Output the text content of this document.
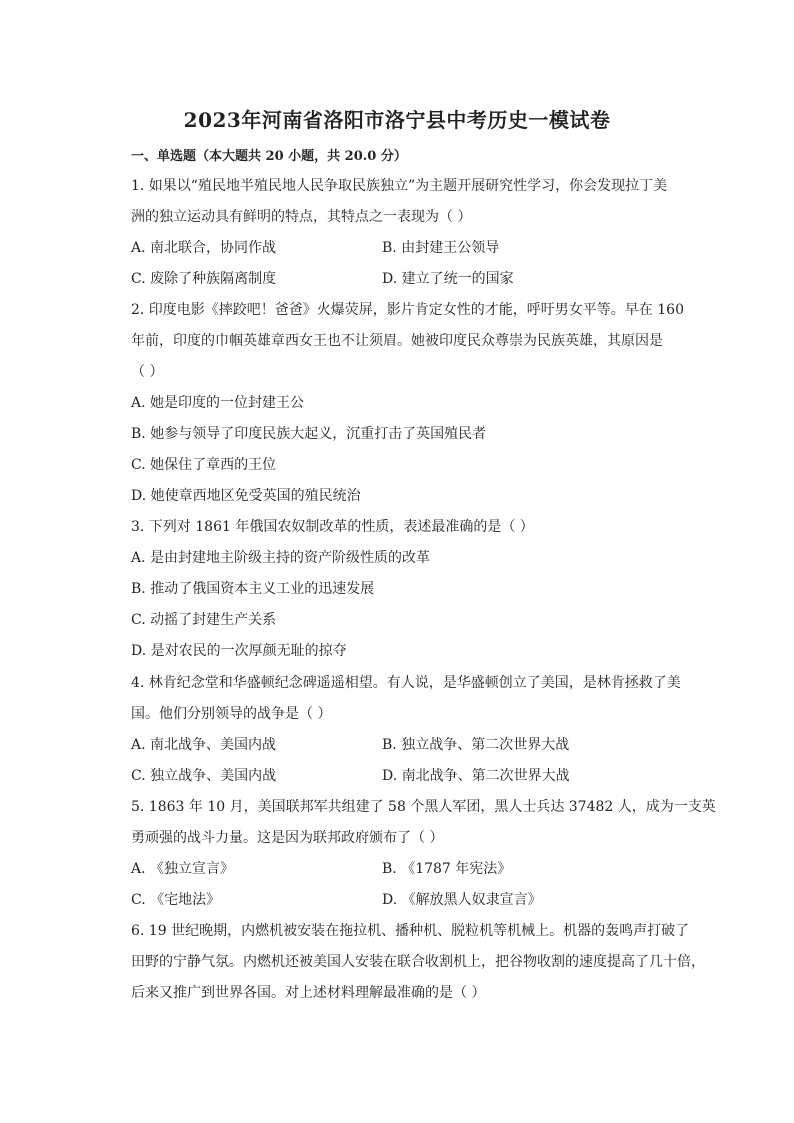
2023年河南省洛阳市洛宁县中考历史一模试卷
一、单选题（本大题共 20 小题，共 20.0 分）
1. 如果以“殖民地半殖民地人民争取民族独立”为主题开展研究性学习，你会发现拉丁美
洲的独立运动具有鲜明的特点，其特点之一表现为（ ）
A. 南北联合，协同作战	B. 由封建王公领导
C. 废除了种族隔离制度	D. 建立了统一的国家
2. 印度电影《摔跤吧！爸爸》火爆荧屏，影片肯定女性的才能，呼吁男女平等。早在 160
年前，印度的巾帼英雄章西女王也不让须眉。她被印度民众尊崇为民族英雄，其原因是
（ ）
A. 她是印度的一位封建王公
B. 她参与领导了印度民族大起义，沉重打击了英国殖民者
C. 她保住了章西的王位
D. 她使章西地区免受英国的殖民统治
3. 下列对 1861 年俄国农奴制改革的性质，表述最准确的是（ ）
A. 是由封建地主阶级主持的资产阶级性质的改革
B. 推动了俄国资本主义工业的迅速发展
C. 动摇了封建生产关系
D. 是对农民的一次厚颜无耻的掠夺
4. 林肯纪念堂和华盛顿纪念碑遥遥相望。有人说，是华盛顿创立了美国，是林肯拯救了美
国。他们分别领导的战争是（ ）
A. 南北战争、美国内战	B. 独立战争、第二次世界大战
C. 独立战争、美国内战	D. 南北战争、第二次世界大战
5. 1863 年 10 月，美国联邦军共组建了 58 个黑人军团，黑人士兵达 37482 人，成为一支英
勇顽强的战斗力量。这是因为联邦政府颁布了（ ）
A. 《独立宣言》	B. 《1787 年宪法》
C. 《宅地法》	D. 《解放黑人奴隶宣言》
6. 19 世纪晚期，内燃机被安装在拖拉机、播种机、脱粒机等机械上。机器的轰鸣声打破了
田野的宁静气氛。内燃机还被美国人安装在联合收割机上，把谷物收割的速度提高了几十倍，
后来又推广到世界各国。对上述材料理解最准确的是（ ）
